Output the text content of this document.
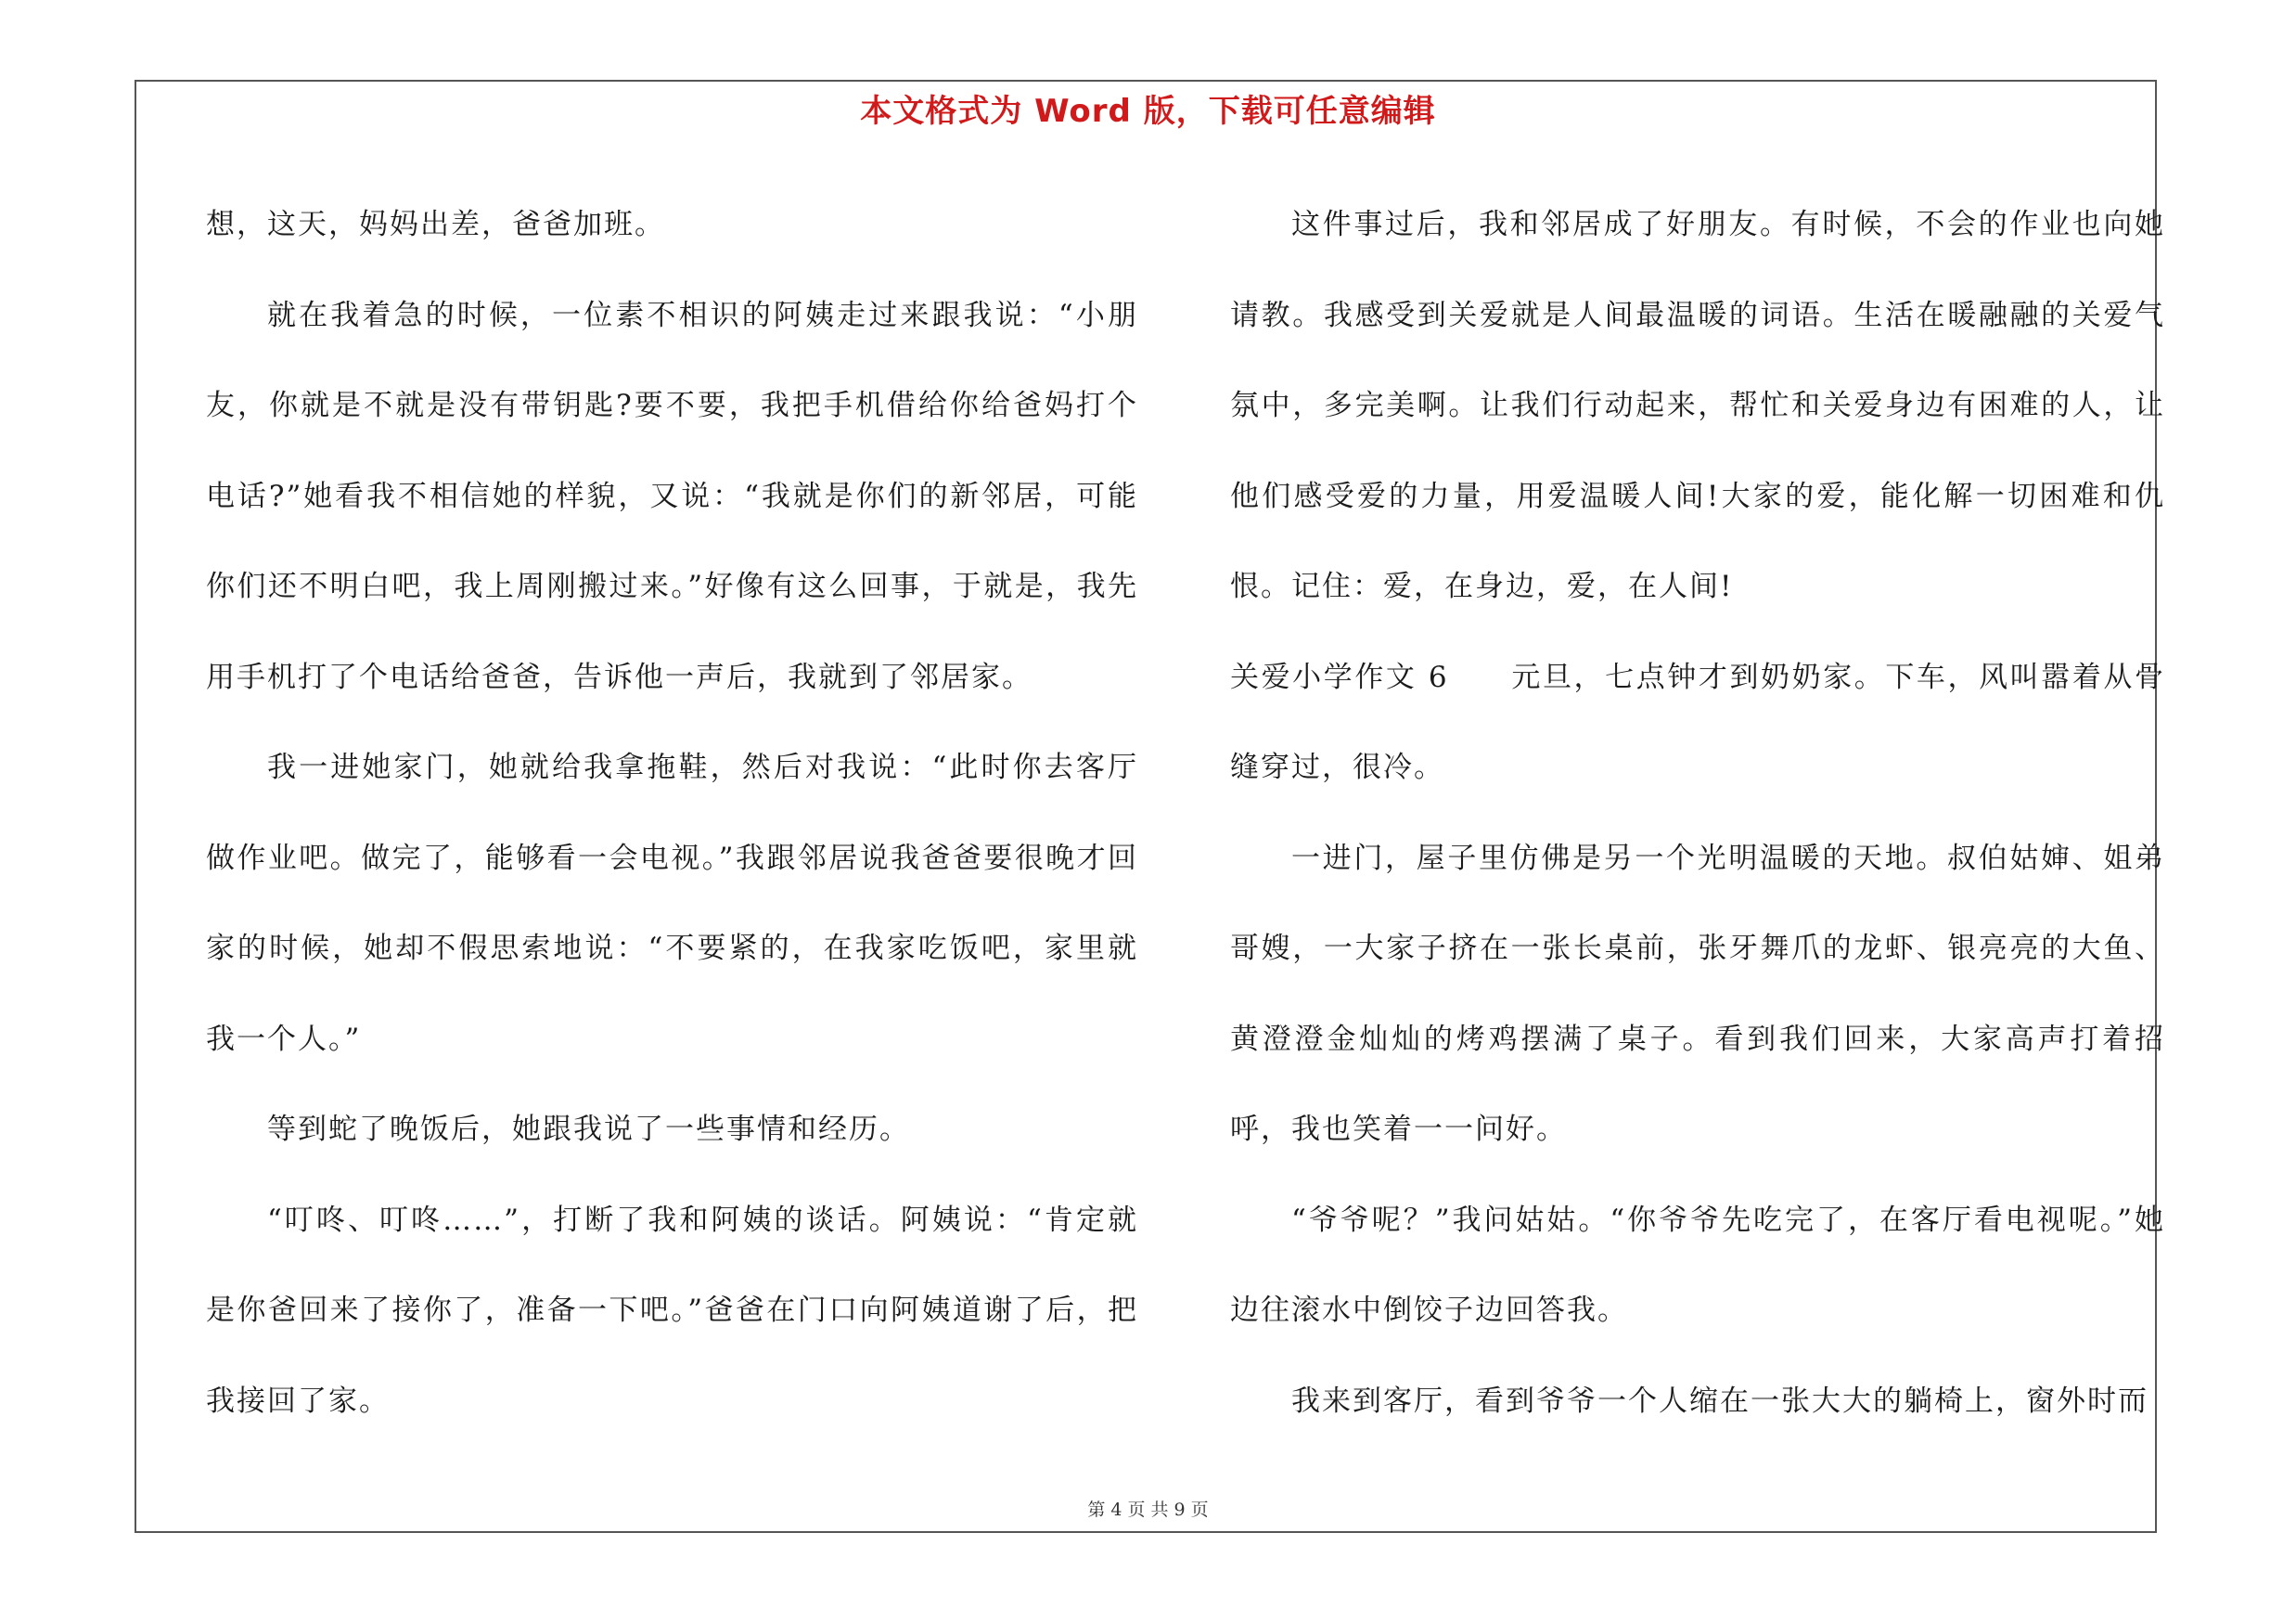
本文格式为 Word 版，下载可任意编辑

想，这天，妈妈出差，爸爸加班。

就在我着急的时候，一位素不相识的阿姨走过来跟我说：“小朋友，你就是不就是没有带钥匙?要不要，我把手机借给你给爸妈打个电话?”她看我不相信她的样貌，又说：“我就是你们的新邻居，可能你们还不明白吧，我上周刚搬过来。”好像有这么回事，于就是，我先用手机打了个电话给爸爸，告诉他一声后，我就到了邻居家。

我一进她家门，她就给我拿拖鞋，然后对我说：“此时你去客厅做作业吧。做完了，能够看一会电视。”我跟邻居说我爸爸要很晚才回家的时候，她却不假思索地说：“不要紧的，在我家吃饭吧，家里就我一个人。”

等到蛇了晚饭后，她跟我说了一些事情和经历。

“叮咚、叮咚……”，打断了我和阿姨的谈话。阿姨说：“肯定就是你爸回来了接你了，准备一下吧。”爸爸在门口向阿姨道谢了后，把我接回了家。

这件事过后，我和邻居成了好朋友。有时候，不会的作业也向她请教。我感受到关爱就是人间最温暖的词语。生活在暖融融的关爱气氛中，多完美啊。让我们行动起来，帮忙和关爱身边有困难的人，让他们感受爱的力量，用爱温暖人间!大家的爱，能化解一切困难和仇恨。记住：爱，在身边，爱，在人间!

关爱小学作文 6　　元旦，七点钟才到奶奶家。下车，风叫嚣着从骨缝穿过，很冷。

一进门，屋子里仿佛是另一个光明温暖的天地。叔伯姑婶、姐弟哥嫂，一大家子挤在一张长桌前，张牙舞爪的龙虾、银亮亮的大鱼、黄澄澄金灿灿的烤鸡摆满了桌子。看到我们回来，大家高声打着招呼，我也笑着一一问好。

“爷爷呢？”我问姑姑。“你爷爷先吃完了，在客厅看电视呢。”她边往滚水中倒饺子边回答我。

我来到客厅，看到爷爷一个人缩在一张大大的躺椅上，窗外时而

第 4 页 共 9 页
